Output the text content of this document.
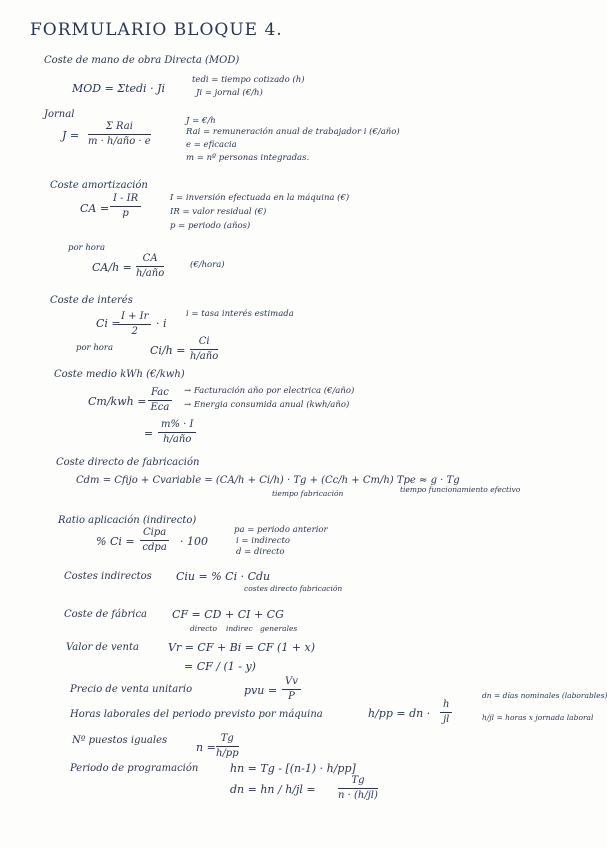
FORMULARIO BLOQUE 4.
Coste de mano de obra Directa (MOD)
MOD = Σtedi · Ji
tedi = tiempo cotizado (h)
Ji = jornal (€/h)
Jornal
J =
Σ Rai
m · h/año · e
J = €/h
Rai = remuneración anual de trabajador i (€/año)
e = eficacia
m = nº personas integradas.
Coste amortización
CA = $\frac{I - IR}{p}$	I = inversión efectuada en la máquina (€)
IR = valor residual (€)
p = periodo (años)
por hora
CA/h =
CA
h/año
(€/hora)
Coste de interés
Ci =
$\frac{I + Ir}{2} \cdot i$
i = tasa interés estimada
por hora	Ci/h =
Ci
h/año
Coste medio kWh (€/kwh)
Cm/kwh =
Fac
Eca
→ Facturación año por electrica (€/año)
→ Energia consumida anual (kwh/año)
=
m% · I
h/año
Coste directo de fabricación
Cdm = Cfijo + Cvariable = (CA/h + Ci/h) · Tg + (Cc/h + Cm/h) Tpe ≈ g · Tg
tiempo fabricación	tiempo funcionamiento efectivo
Ratio aplicación (indirecto)
% Ci =
Cipa
cdpa · 100
pa = periodo anterior
i = indirecto
d = directo
Costes indirectos Ciu = % Ci · Cdu
costes directo fabricación
Coste de fábrica CF = CD + CI + CG
directo indirec generales
Valor de venta	Vr = CF + Bi = CF (1 + x)
= CF / (1 - y)
Precio de venta unitario	pvu = $\frac{Vv}{P}$
Horas laborales del periodo previsto por máquina	h/pp = dn · $\frac{h}{jl}$
dn = días nominales (laborables)
h/jl = horas x jornada laboral
Nº puestos iguales
$n = \frac{Tg}{h/pp}$
Periodo de programación	hn = Tg - [(n-1) · h/pp]
dn = hn / $h/jl = \frac{Tg}{n \cdot (h/jl)}$
